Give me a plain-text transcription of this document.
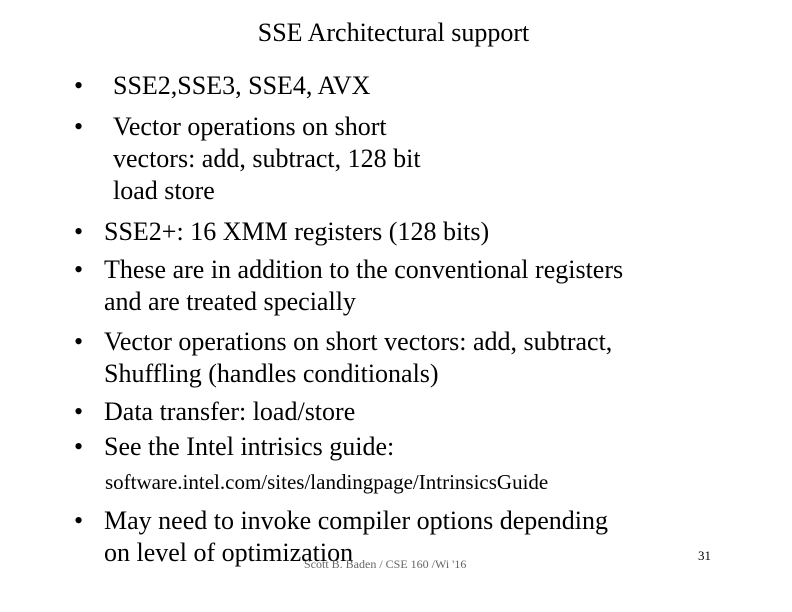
SSE Architectural support
• SSE2,SSE3, SSE4, AVX
• Vector operations on short
vectors: add, subtract, 128 bit
load store
• SSE2+: 16 XMM registers (128 bits)
• These are in addition to the conventional registers
and are treated specially
• Vector operations on short vectors: add, subtract,
Shuffling (handles conditionals)
• Data transfer: load/store
• See the Intel intrisics guide:
software.intel.com/sites/landingpage/IntrinsicsGuide
• May need to invoke compiler options depending
on level of optimization
Scott B. Baden / CSE 160 /Wi '16
31
